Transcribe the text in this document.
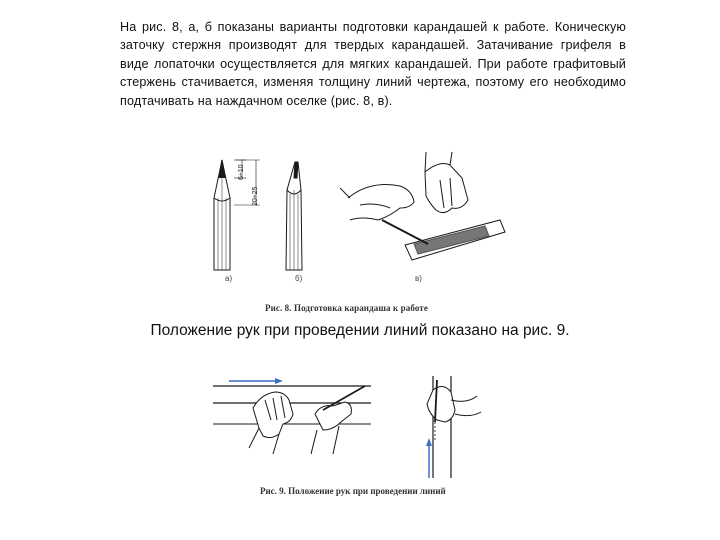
На рис. 8, а, б показаны варианты подготовки карандашей к работе. Коническую заточку стержня производят для твердых карандашей. Затачивание грифеля в виде лопаточки осуществляется для мягких карандашей. При работе графитовый стержень стачивается, изменяя толщину линий чертежа, поэтому его необходимо подтачивать на наждачном оселке (рис. 8, в).

6÷10
20÷25
а)	б)	в)
Рис. 8. Подготовка карандаша к работе

Положение рук при проведении линий показано на рис. 9.

Рис. 9. Положение рук при проведении линий
